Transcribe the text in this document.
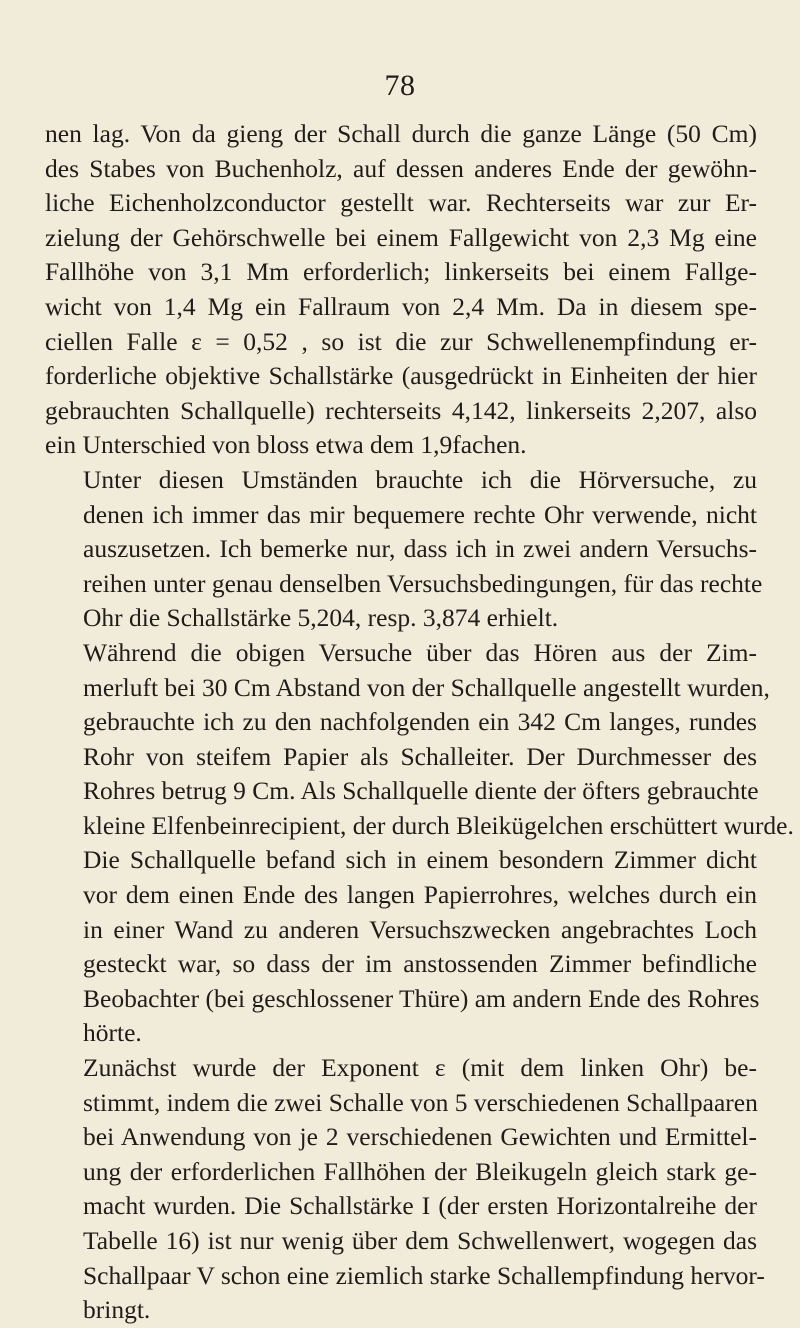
78

nen lag. Von da gieng der Schall durch die ganze Länge (50 Cm)
des Stabes von Buchenholz, auf dessen anderes Ende der gewöhn-
liche Eichenholzconductor gestellt war. Rechterseits war zur Er-
zielung der Gehörschwelle bei einem Fallgewicht von 2,3 Mg eine
Fallhöhe von 3,1 Mm erforderlich; linkerseits bei einem Fallge-
wicht von 1,4 Mg ein Fallraum von 2,4 Mm. Da in diesem spe-
ciellen Falle ε = 0,52 , so ist die zur Schwellenempfindung er-
forderliche objektive Schallstärke (ausgedrückt in Einheiten der hier
gebrauchten Schallquelle) rechterseits 4,142, linkerseits 2,207, also
ein Unterschied von bloss etwa dem 1,9fachen.

Unter diesen Umständen brauchte ich die Hörversuche, zu
denen ich immer das mir bequemere rechte Ohr verwende, nicht
auszusetzen. Ich bemerke nur, dass ich in zwei andern Versuchs-
reihen unter genau denselben Versuchsbedingungen, für das rechte
Ohr die Schallstärke 5,204, resp. 3,874 erhielt.

Während die obigen Versuche über das Hören aus der Zim-
merluft bei 30 Cm Abstand von der Schallquelle angestellt wurden,
gebrauchte ich zu den nachfolgenden ein 342 Cm langes, rundes
Rohr von steifem Papier als Schalleiter. Der Durchmesser des
Rohres betrug 9 Cm. Als Schallquelle diente der öfters gebrauchte
kleine Elfenbeinrecipient, der durch Bleikügelchen erschüttert wurde.
Die Schallquelle befand sich in einem besondern Zimmer dicht
vor dem einen Ende des langen Papierrohres, welches durch ein
in einer Wand zu anderen Versuchszwecken angebrachtes Loch
gesteckt war, so dass der im anstossenden Zimmer befindliche
Beobachter (bei geschlossener Thüre) am andern Ende des Rohres
hörte.

Zunächst wurde der Exponent ε (mit dem linken Ohr) be-
stimmt, indem die zwei Schalle von 5 verschiedenen Schallpaaren
bei Anwendung von je 2 verschiedenen Gewichten und Ermittel-
ung der erforderlichen Fallhöhen der Bleikugeln gleich stark ge-
macht wurden. Die Schallstärke I (der ersten Horizontalreihe der
Tabelle 16) ist nur wenig über dem Schwellenwert, wogegen das
Schallpaar V schon eine ziemlich starke Schallempfindung hervor-
bringt.
